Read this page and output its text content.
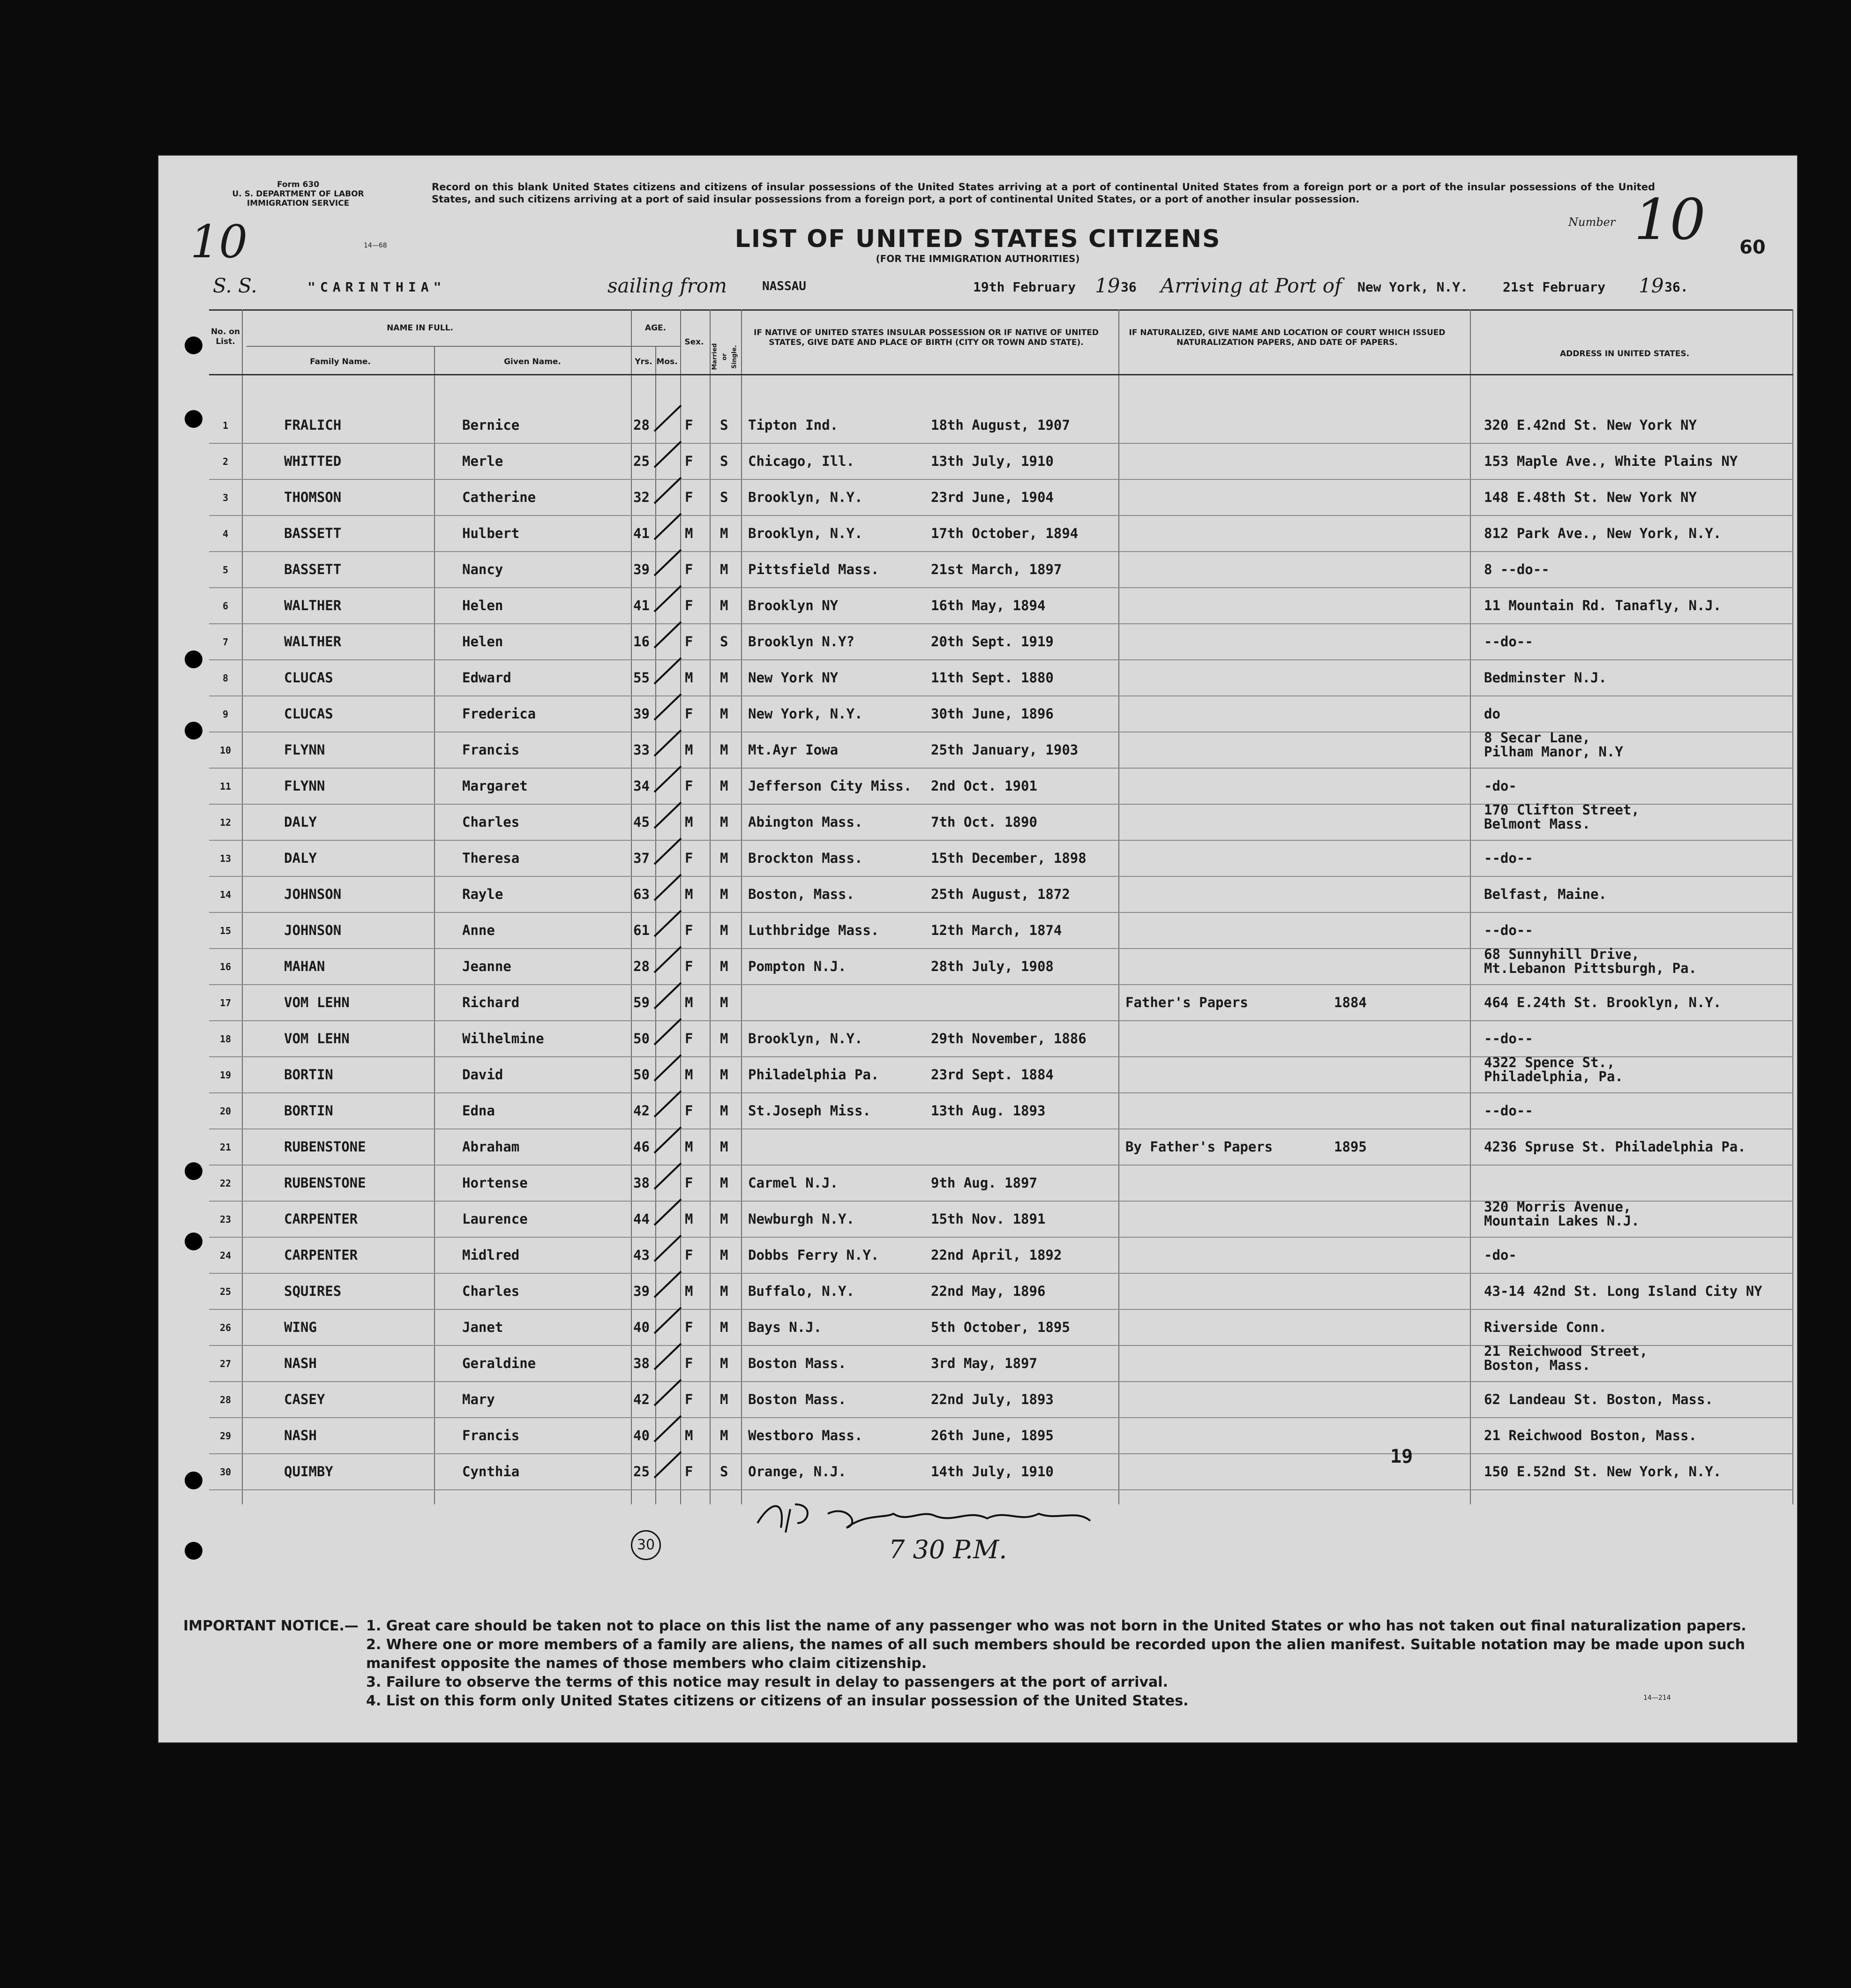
Form 630
U. S. DEPARTMENT OF LABOR
IMMIGRATION SERVICE
10	14—68
Record on this blank United States citizens and citizens of insular possessions of the United States arriving at a port of continental United States from a foreign port or a port of the insular possessions of the United States, and such citizens arriving at a port of said insular possessions from a foreign port, a port of continental United States, or a port of another insular possession.
LIST OF UNITED STATES CITIZENS
(FOR THE IMMIGRATION AUTHORITIES)
Number 10 60
S. S.	"CARINTHIA"	sailing from	NASSAU	19th February 19 36 Arriving at Port of New York, N.Y.	21st February 19 36.
No. on List.
NAME IN FULL.
Family Name.	Given Name.
AGE.
Yrs. Mos.
Sex.
Married or Single.
IF NATIVE OF UNITED STATES INSULAR POSSESSION OR IF NATIVE OF UNITED STATES, GIVE DATE AND PLACE OF BIRTH (CITY OR TOWN AND STATE).
IF NATURALIZED, GIVE NAME AND LOCATION OF COURT WHICH ISSUED NATURALIZATION PAPERS, AND DATE OF PAPERS.
ADDRESS IN UNITED STATES.
1	FRALICH	Bernice	28	F S Tipton Ind.	18th August, 1907	320 E.42nd St. New York NY
2	WHITTED	Merle	25	F S Chicago, Ill.	13th July, 1910	153 Maple Ave., White Plains NY
3	THOMSON	Catherine	32	F S Brooklyn, N.Y.	23rd June, 1904	148 E.48th St. New York NY
4	BASSETT	Hulbert	41	M M Brooklyn, N.Y.	17th October, 1894	812 Park Ave., New York, N.Y.
5	BASSETT	Nancy	39	F M Pittsfield Mass.	21st March, 1897	8 --do--
6	WALTHER	Helen	41	F M Brooklyn NY	16th May, 1894	11 Mountain Rd. Tanafly, N.J.
7	WALTHER	Helen	16	F S Brooklyn N.Y?	20th Sept. 1919	--do--
8	CLUCAS	Edward	55	M M New York NY	11th Sept. 1880	Bedminster N.J.
9	CLUCAS	Frederica	39	F M New York, N.Y.	30th June, 1896	do
10	FLYNN	Francis	33	M M Mt.Ayr Iowa	25th January, 1903
8 Secar Lane,
Pilham Manor, N.Y
11	FLYNN	Margaret	34	F M Jefferson City Miss. 2nd Oct. 1901	-do-
12	DALY	Charles	45	M M Abington Mass.	7th Oct. 1890
170 Clifton Street,
Belmont Mass.
13	DALY	Theresa	37	F M Brockton Mass.	15th December, 1898	--do--
14	JOHNSON	Rayle	63	M M Boston, Mass.	25th August, 1872	Belfast, Maine.
15	JOHNSON	Anne	61	F M Luthbridge Mass.	12th March, 1874	--do--
16	MAHAN	Jeanne	28	F M Pompton N.J.	28th July, 1908
68 Sunnyhill Drive,
Mt.Lebanon Pittsburgh, Pa.
17	VOM LEHN	Richard	59	M M	Father's Papers	1884	464 E.24th St. Brooklyn, N.Y.
18	VOM LEHN	Wilhelmine	50	F M Brooklyn, N.Y.	29th November, 1886	--do--
19	BORTIN	David	50	M M Philadelphia Pa.	23rd Sept. 1884
4322 Spence St.,
Philadelphia, Pa.
20	BORTIN	Edna	42	F M St.Joseph Miss.	13th Aug. 1893	--do--
21	RUBENSTONE	Abraham	46	M M	By Father's Papers	1895	4236 Spruse St. Philadelphia Pa.
22	RUBENSTONE	Hortense	38	F M Carmel N.J.	9th Aug. 1897
23	CARPENTER	Laurence	44	M M Newburgh N.Y.	15th Nov. 1891
320 Morris Avenue,
Mountain Lakes N.J.
24	CARPENTER	Midlred	43	F M Dobbs Ferry N.Y.	22nd April, 1892	-do-
25	SQUIRES	Charles	39	M M Buffalo, N.Y.	22nd May, 1896	43-14 42nd St. Long Island City NY
26	WING	Janet	40	F M Bays N.J.	5th October, 1895	Riverside Conn.
27	NASH	Geraldine	38	F M Boston Mass.	3rd May, 1897
21 Reichwood Street,
Boston, Mass.
28	CASEY	Mary	42	F M Boston Mass.	22nd July, 1893	62 Landeau St. Boston, Mass.
29	NASH	Francis	40	M M Westboro Mass.	26th June, 1895	21 Reichwood Boston, Mass.
30	QUIMBY	Cynthia	25	F S Orange, N.J.	14th July, 1910	150 E.52nd St. New York, N.Y.
19
30	7 30 P.M.
IMPORTANT NOTICE.— 1. Great care should be taken not to place on this list the name of any passenger who was not born in the United States or who has not taken out final naturalization papers.
2. Where one or more members of a family are aliens, the names of all such members should be recorded upon the alien manifest. Suitable notation may be made upon such manifest opposite the names of those members who claim citizenship.
3. Failure to observe the terms of this notice may result in delay to passengers at the port of arrival.
4. List on this form only United States citizens or citizens of an insular possession of the United States.	14—214
